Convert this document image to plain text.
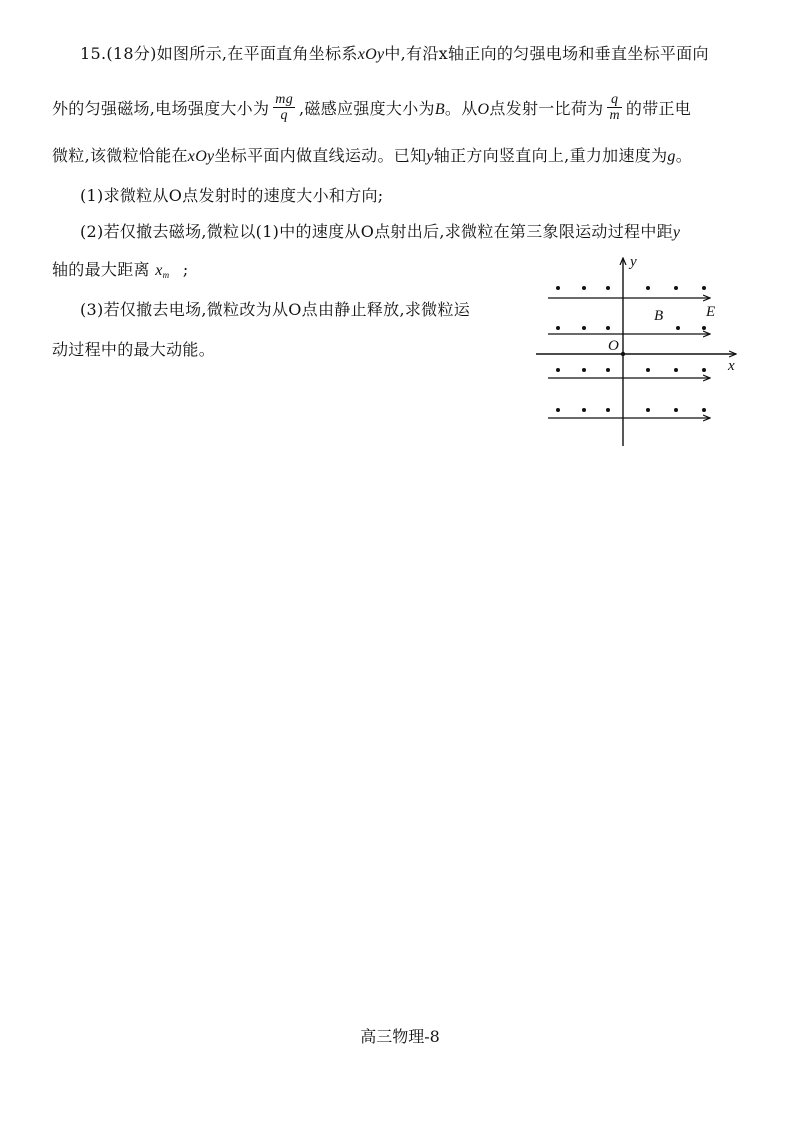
15.(18分)如图所示,在平面直角坐标系xOy中,有沿x轴正向的匀强电场和垂直坐标平面向
外的匀强磁场,电场强度大小为 $\frac{mg}{q}$ ,磁感应强度大小为B。从O点发射一比荷为 $\frac{q}{m}$ 的带正电
微粒,该微粒恰能在xOy坐标平面内做直线运动。已知y轴正方向竖直向上,重力加速度为g。
(1)求微粒从O点发射时的速度大小和方向;
(2)若仅撤去磁场,微粒以(1)中的速度从O点射出后,求微粒在第三象限运动过程中距y
轴的最大距离 $x_m$ ;
(3)若仅撤去电场,微粒改为从O点由静止释放,求微粒运
动过程中的最大动能。
y
x
O
B	E
高三物理-8
